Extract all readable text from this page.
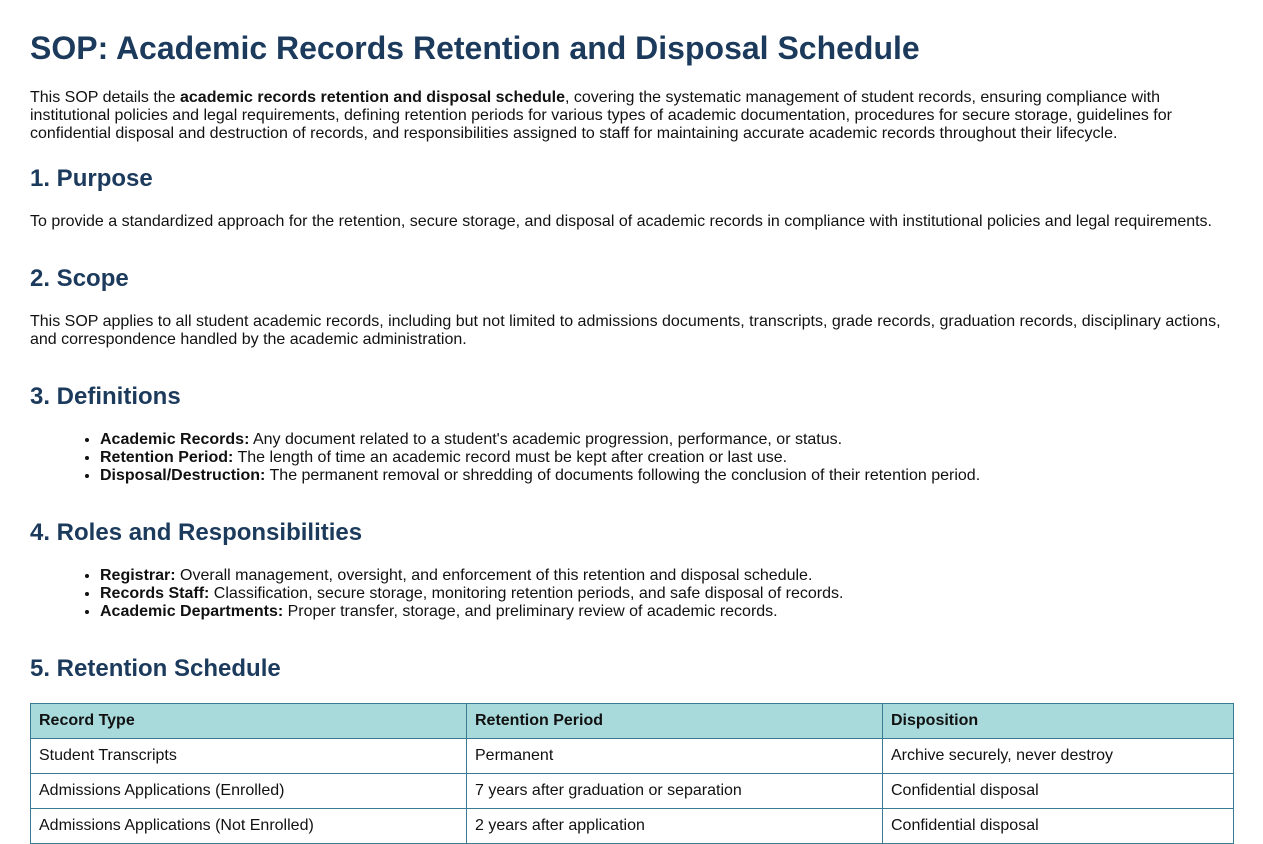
SOP: Academic Records Retention and Disposal Schedule

This SOP details the academic records retention and disposal schedule, covering the systematic management of student records, ensuring compliance with institutional policies and legal requirements, defining retention periods for various types of academic documentation, procedures for secure storage, guidelines for confidential disposal and destruction of records, and responsibilities assigned to staff for maintaining accurate academic records throughout their lifecycle.

1. Purpose

To provide a standardized approach for the retention, secure storage, and disposal of academic records in compliance with institutional policies and legal requirements.

2. Scope

This SOP applies to all student academic records, including but not limited to admissions documents, transcripts, grade records, graduation records, disciplinary actions, and correspondence handled by the academic administration.

3. Definitions
• Academic Records: Any document related to a student's academic progression, performance, or status.
• Retention Period: The length of time an academic record must be kept after creation or last use.
• Disposal/Destruction: The permanent removal or shredding of documents following the conclusion of their retention period.
4. Roles and Responsibilities
• Registrar: Overall management, oversight, and enforcement of this retention and disposal schedule.
• Records Staff: Classification, secure storage, monitoring retention periods, and safe disposal of records.
• Academic Departments: Proper transfer, storage, and preliminary review of academic records.
5. Retention Schedule
Record Type	Retention Period	Disposition
Student Transcripts	Permanent	Archive securely, never destroy
Admissions Applications (Enrolled)	7 years after graduation or separation	Confidential disposal
Admissions Applications (Not Enrolled)	2 years after application	Confidential disposal
